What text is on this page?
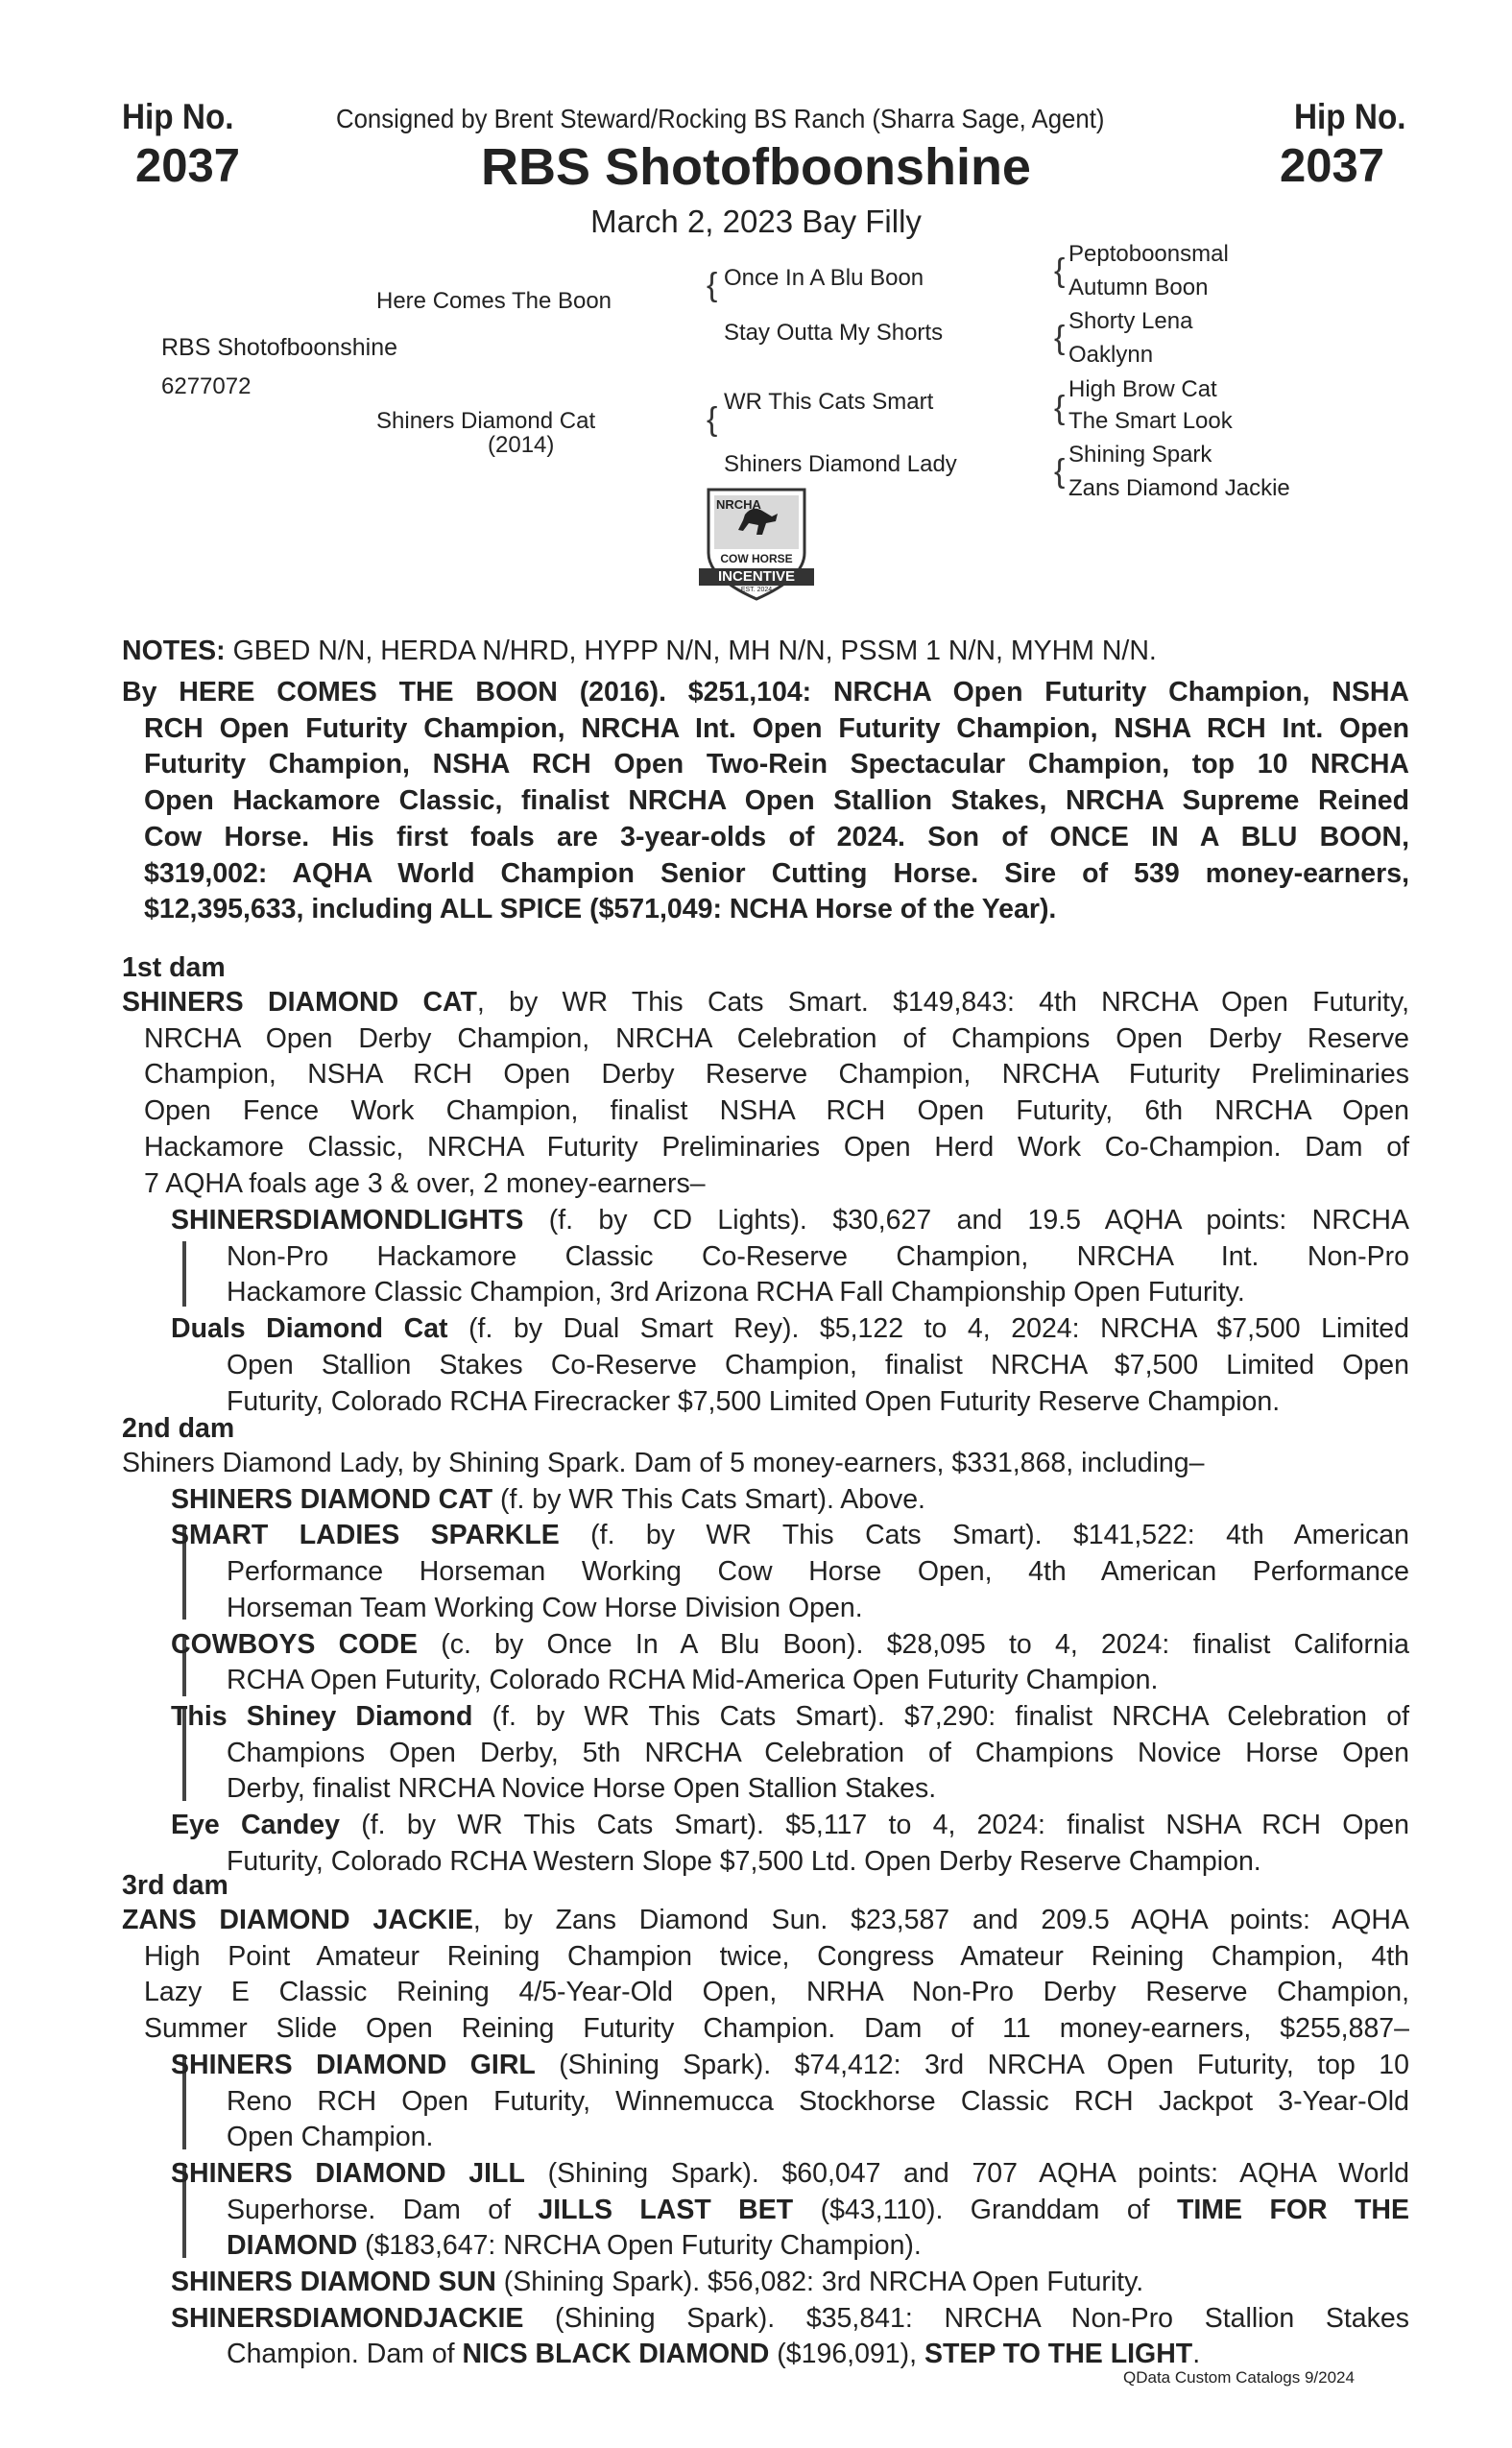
Hip No.
2037
Hip No.
2037
Consigned by Brent Steward/Rocking BS Ranch (Sharra Sage, Agent)
RBS Shotofboonshine
March 2, 2023 Bay Filly
RBS Shotofboonshine
6277072
Here Comes The Boon
Shiners Diamond Cat
(2014)
{ Once In A Blu Boon
Stay Outta My Shorts
{ WR This Cats Smart
Shiners Diamond Lady
{ Peptoboonsmal
Autumn Boon
{ Shorty Lena
Oaklynn
{
High Brow Cat
The Smart Look
{ Shining Spark
Zans Diamond Jackie
NRCHA
COW HORSE
INCENTIVE
EST. 2024
NOTES: GBED N/N, HERDA N/HRD, HYPP N/N, MH N/N, PSSM 1 N/N, MYHM N/N.
By HERE COMES THE BOON (2016). $251,104: NRCHA Open Futurity Champion, NSHA
RCH Open Futurity Champion, NRCHA Int. Open Futurity Champion, NSHA RCH Int. Open
Futurity Champion, NSHA RCH Open Two-Rein Spectacular Champion, top 10 NRCHA
Open Hackamore Classic, finalist NRCHA Open Stallion Stakes, NRCHA Supreme Reined
Cow Horse. His first foals are 3-year-olds of 2024. Son of ONCE IN A BLU BOON,
$319,002: AQHA World Champion Senior Cutting Horse. Sire of 539 money-earners,
$12,395,633, including ALL SPICE ($571,049: NCHA Horse of the Year).
1st dam
SHINERS DIAMOND CAT, by WR This Cats Smart. $149,843: 4th NRCHA Open Futurity,
NRCHA Open Derby Champion, NRCHA Celebration of Champions Open Derby Reserve
Champion, NSHA RCH Open Derby Reserve Champion, NRCHA Futurity Preliminaries
Open Fence Work Champion, finalist NSHA RCH Open Futurity, 6th NRCHA Open
Hackamore Classic, NRCHA Futurity Preliminaries Open Herd Work Co-Champion. Dam of
7 AQHA foals age 3 & over, 2 money-earners–
SHINERSDIAMONDLIGHTS (f. by CD Lights). $30,627 and 19.5 AQHA points: NRCHA
Non-Pro Hackamore Classic Co-Reserve Champion, NRCHA Int. Non-Pro
Hackamore Classic Champion, 3rd Arizona RCHA Fall Championship Open Futurity.
Duals Diamond Cat (f. by Dual Smart Rey). $5,122 to 4, 2024: NRCHA $7,500 Limited
Open Stallion Stakes Co-Reserve Champion, finalist NRCHA $7,500 Limited Open
Futurity, Colorado RCHA Firecracker $7,500 Limited Open Futurity Reserve Champion.
2nd dam
Shiners Diamond Lady, by Shining Spark. Dam of 5 money-earners, $331,868, including–
SHINERS DIAMOND CAT (f. by WR This Cats Smart). Above.
SMART LADIES SPARKLE (f. by WR This Cats Smart). $141,522: 4th American
Performance Horseman Working Cow Horse Open, 4th American Performance
Horseman Team Working Cow Horse Division Open.
COWBOYS CODE (c. by Once In A Blu Boon). $28,095 to 4, 2024: finalist California
RCHA Open Futurity, Colorado RCHA Mid-America Open Futurity Champion.
This Shiney Diamond (f. by WR This Cats Smart). $7,290: finalist NRCHA Celebration of
Champions Open Derby, 5th NRCHA Celebration of Champions Novice Horse Open
Derby, finalist NRCHA Novice Horse Open Stallion Stakes.
Eye Candey (f. by WR This Cats Smart). $5,117 to 4, 2024: finalist NSHA RCH Open
Futurity, Colorado RCHA Western Slope $7,500 Ltd. Open Derby Reserve Champion.
3rd dam
ZANS DIAMOND JACKIE, by Zans Diamond Sun. $23,587 and 209.5 AQHA points: AQHA
High Point Amateur Reining Champion twice, Congress Amateur Reining Champion, 4th
Lazy E Classic Reining 4/5-Year-Old Open, NRHA Non-Pro Derby Reserve Champion,
Summer Slide Open Reining Futurity Champion. Dam of 11 money-earners, $255,887–
SHINERS DIAMOND GIRL (Shining Spark). $74,412: 3rd NRCHA Open Futurity, top 10
Reno RCH Open Futurity, Winnemucca Stockhorse Classic RCH Jackpot 3-Year-Old
Open Champion.
SHINERS DIAMOND JILL (Shining Spark). $60,047 and 707 AQHA points: AQHA World
Superhorse. Dam of JILLS LAST BET ($43,110). Granddam of TIME FOR THE
DIAMOND ($183,647: NRCHA Open Futurity Champion).
SHINERS DIAMOND SUN (Shining Spark). $56,082: 3rd NRCHA Open Futurity.
SHINERSDIAMONDJACKIE (Shining Spark). $35,841: NRCHA Non-Pro Stallion Stakes
Champion. Dam of NICS BLACK DIAMOND ($196,091), STEP TO THE LIGHT.
QData Custom Catalogs 9/2024
